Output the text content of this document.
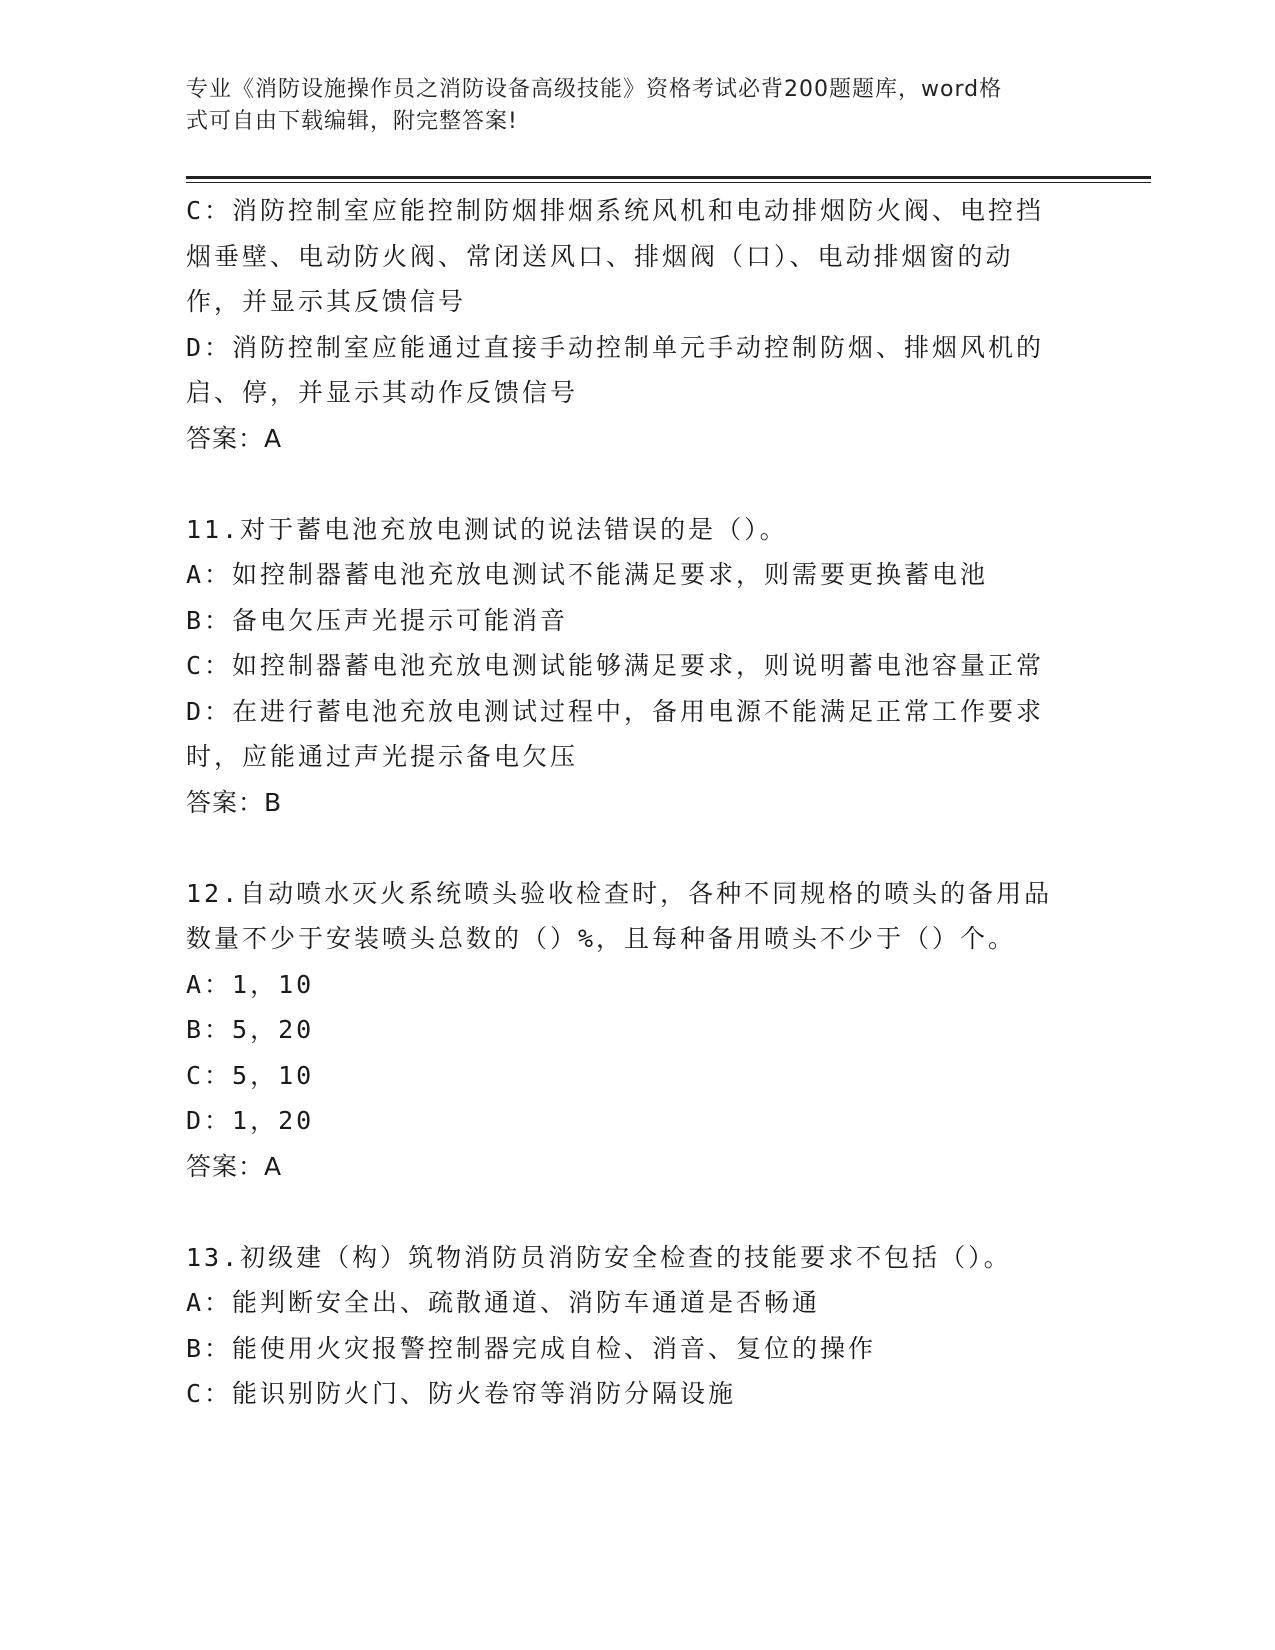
专业《消防设施操作员之消防设备高级技能》资格考试必背200题题库，word格
式可自由下载编辑，附完整答案!
C：消防控制室应能控制防烟排烟系统风机和电动排烟防火阀、电控挡
烟垂壁、电动防火阀、常闭送风口、排烟阀（口）、电动排烟窗的动
作，并显示其反馈信号
D：消防控制室应能通过直接手动控制单元手动控制防烟、排烟风机的
启、停，并显示其动作反馈信号
答案：A
11.对于蓄电池充放电测试的说法错误的是（）。
A：如控制器蓄电池充放电测试不能满足要求，则需要更换蓄电池
B：备电欠压声光提示可能消音
C：如控制器蓄电池充放电测试能够满足要求，则说明蓄电池容量正常
D：在进行蓄电池充放电测试过程中，备用电源不能满足正常工作要求
时，应能通过声光提示备电欠压
答案：B
12.自动喷水灭火系统喷头验收检查时，各种不同规格的喷头的备用品
数量不少于安装喷头总数的（）%，且每种备用喷头不少于（）个。
A：1，10
B：5，20
C：5，10
D：1，20
答案：A
13.初级建（构）筑物消防员消防安全检查的技能要求不包括（）。
A：能判断安全出、疏散通道、消防车通道是否畅通
B：能使用火灾报警控制器完成自检、消音、复位的操作
C：能识别防火门、防火卷帘等消防分隔设施
